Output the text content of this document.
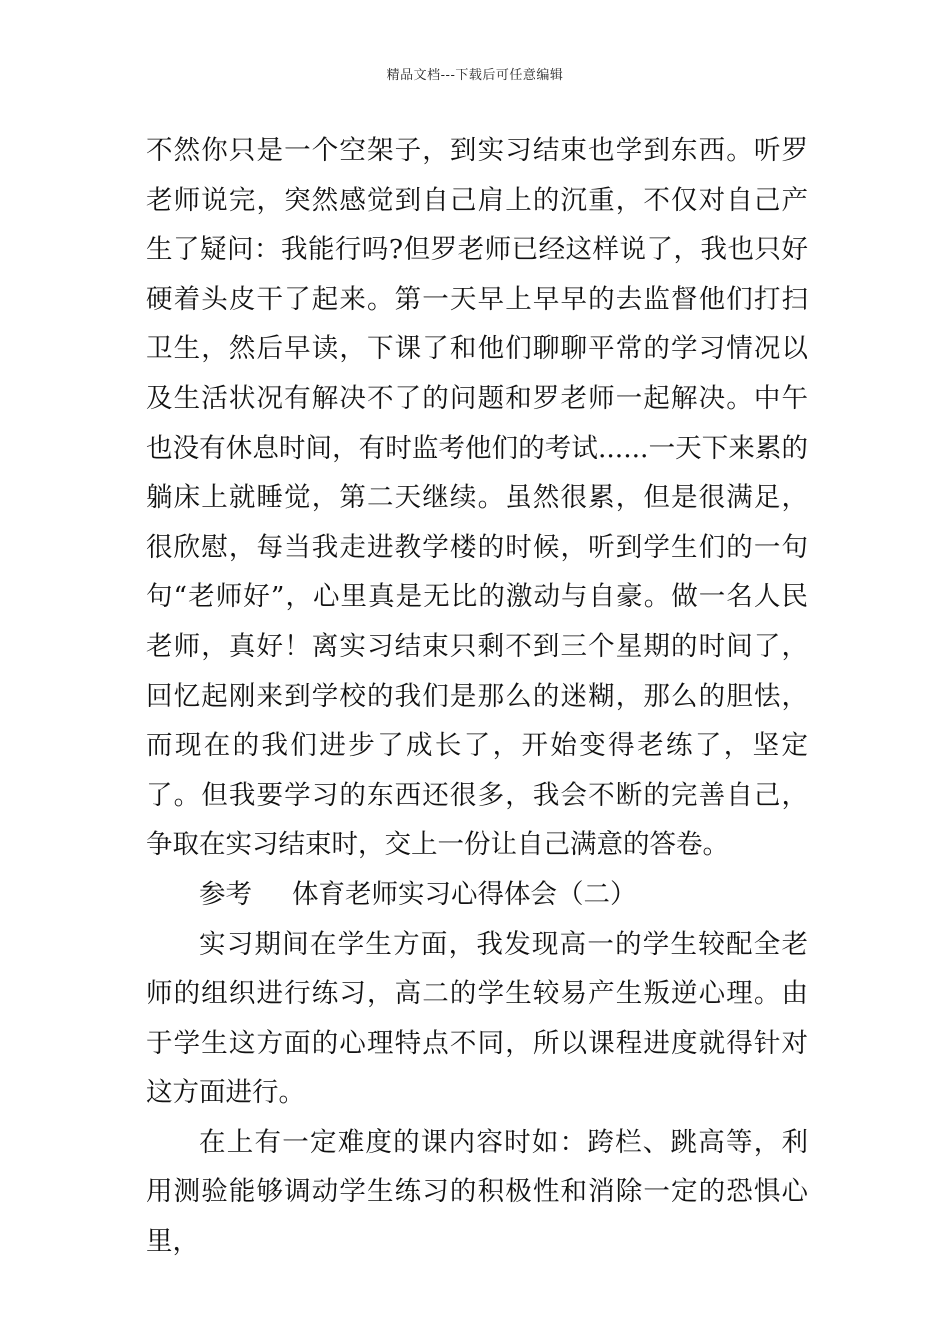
精品文档---下载后可任意编辑

不然你只是一个空架子，到实习结束也学到东西。听罗老师说完，突然感觉到自己肩上的沉重，不仅对自己产生了疑问：我能行吗?但罗老师已经这样说了，我也只好硬着头皮干了起来。第一天早上早早的去监督他们打扫卫生，然后早读，下课了和他们聊聊平常的学习情况以及生活状况有解决不了的问题和罗老师一起解决。中午也没有休息时间，有时监考他们的考试......一天下来累的躺床上就睡觉，第二天继续。虽然很累，但是很满足，很欣慰，每当我走进教学楼的时候，听到学生们的一句句“老师好”，心里真是无比的激动与自豪。做一名人民老师，真好！离实习结束只剩不到三个星期的时间了，回忆起刚来到学校的我们是那么的迷糊，那么的胆怯，而现在的我们进步了成长了，开始变得老练了，坚定了。但我要学习的东西还很多，我会不断的完善自己，争取在实习结束时，交上一份让自己满意的答卷。

参考 体育老师实习心得体会（二）

实习期间在学生方面，我发现高一的学生较配全老师的组织进行练习，高二的学生较易产生叛逆心理。由于学生这方面的心理特点不同，所以课程进度就得针对这方面进行。

在上有一定难度的课内容时如：跨栏、跳高等，利用测验能够调动学生练习的积极性和消除一定的恐惧心里，
